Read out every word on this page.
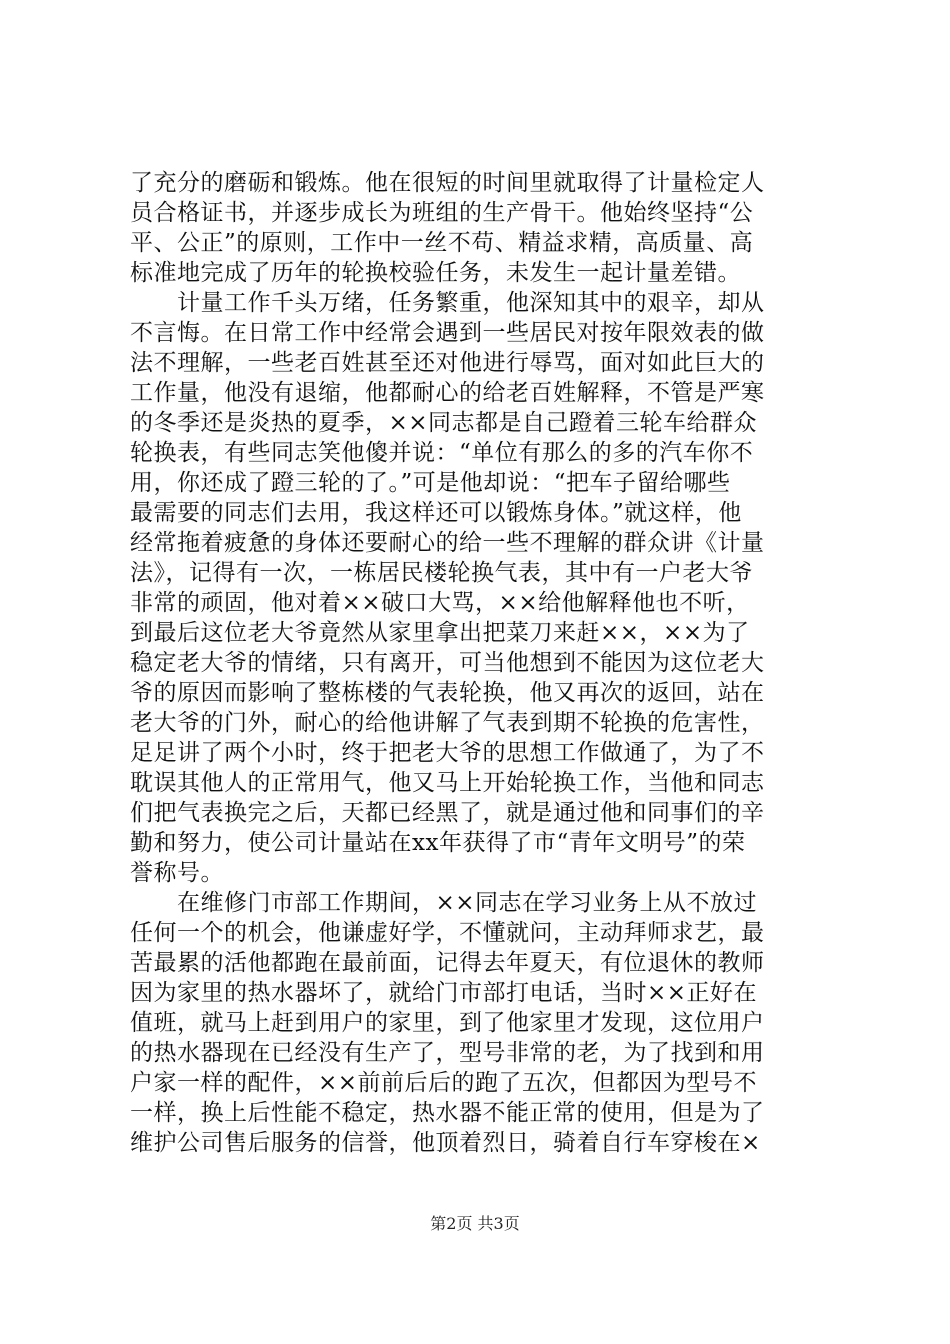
了充分的磨砺和锻炼。他在很短的时间里就取得了计量检定人
员合格证书，并逐步成长为班组的生产骨干。他始终坚持“公
平、公正”的原则，工作中一丝不苟、精益求精，高质量、高
标准地完成了历年的轮换校验任务，未发生一起计量差错。
　　计量工作千头万绪，任务繁重，他深知其中的艰辛，却从
不言悔。在日常工作中经常会遇到一些居民对按年限效表的做
法不理解，一些老百姓甚至还对他进行辱骂，面对如此巨大的
工作量，他没有退缩，他都耐心的给老百姓解释，不管是严寒
的冬季还是炎热的夏季，××同志都是自己蹬着三轮车给群众
轮换表，有些同志笑他傻并说：“单位有那么的多的汽车你不
用，你还成了蹬三轮的了。”可是他却说：“把车子留给哪些
最需要的同志们去用，我这样还可以锻炼身体。”就这样，他
经常拖着疲惫的身体还要耐心的给一些不理解的群众讲《计量
法》，记得有一次，一栋居民楼轮换气表，其中有一户老大爷
非常的顽固，他对着××破口大骂，××给他解释他也不听，
到最后这位老大爷竟然从家里拿出把菜刀来赶××，××为了
稳定老大爷的情绪，只有离开，可当他想到不能因为这位老大
爷的原因而影响了整栋楼的气表轮换，他又再次的返回，站在
老大爷的门外，耐心的给他讲解了气表到期不轮换的危害性，
足足讲了两个小时，终于把老大爷的思想工作做通了，为了不
耽误其他人的正常用气，他又马上开始轮换工作，当他和同志
们把气表换完之后，天都已经黑了，就是通过他和同事们的辛
勤和努力，使公司计量站在xx年获得了市“青年文明号”的荣
誉称号。
　　在维修门市部工作期间，××同志在学习业务上从不放过
任何一个的机会，他谦虚好学，不懂就问，主动拜师求艺，最
苦最累的活他都跑在最前面，记得去年夏天，有位退休的教师
因为家里的热水器坏了，就给门市部打电话，当时××正好在
值班，就马上赶到用户的家里，到了他家里才发现，这位用户
的热水器现在已经没有生产了，型号非常的老，为了找到和用
户家一样的配件，××前前后后的跑了五次，但都因为型号不
一样，换上后性能不稳定，热水器不能正常的使用，但是为了
维护公司售后服务的信誉，他顶着烈日，骑着自行车穿梭在×
第2页 共3页
